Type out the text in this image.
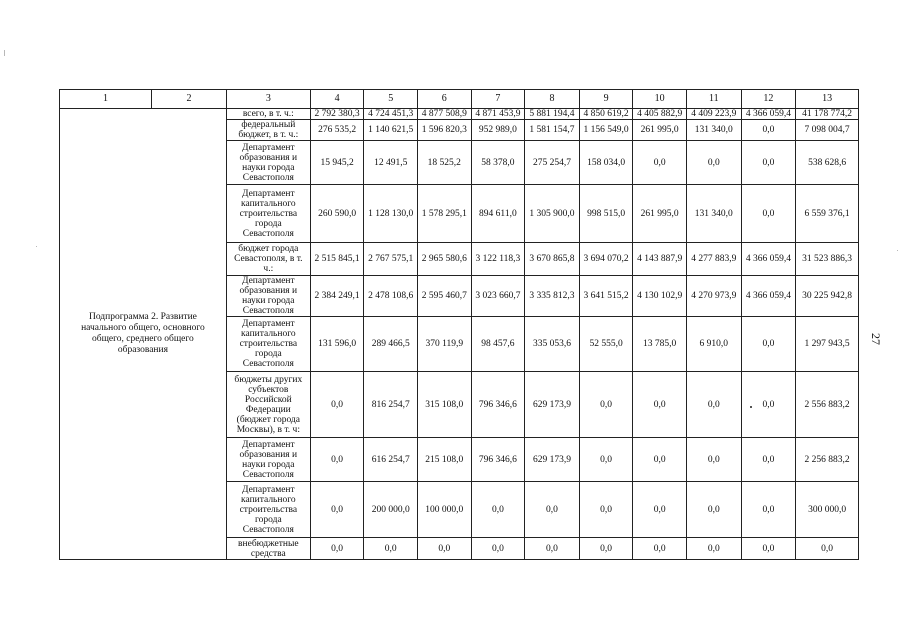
27
1	2	3	4	5	6	7	8	9	10	11	12	13
Подпрограмма 2. Развитие начального общего, основного общего, среднего общего образования		всего, в т. ч.:	2 792 380,3	4 724 451,3	4 877 508,9	4 871 453,9	5 881 194,4	4 850 619,2	4 405 882,9	4 409 223,9	4 366 059,4	41 178 774,2
		федеральный бюджет, в т. ч.:	276 535,2	1 140 621,5	1 596 820,3	952 989,0	1 581 154,7	1 156 549,0	261 995,0	131 340,0	0,0	7 098 004,7
		Департамент образования и науки города Севастополя	15 945,2	12 491,5	18 525,2	58 378,0	275 254,7	158 034,0	0,0	0,0	0,0	538 628,6
		Департамент капитального строительства города Севастополя	260 590,0	1 128 130,0	1 578 295,1	894 611,0	1 305 900,0	998 515,0	261 995,0	131 340,0	0,0	6 559 376,1
		бюджет города Севастополя, в т. ч.:	2 515 845,1	2 767 575,1	2 965 580,6	3 122 118,3	3 670 865,8	3 694 070,2	4 143 887,9	4 277 883,9	4 366 059,4	31 523 886,3
		Департамент образования и науки города Севастополя	2 384 249,1	2 478 108,6	2 595 460,7	3 023 660,7	3 335 812,3	3 641 515,2	4 130 102,9	4 270 973,9	4 366 059,4	30 225 942,8
		Департамент капитального строительства города Севастополя	131 596,0	289 466,5	370 119,9	98 457,6	335 053,6	52 555,0	13 785,0	6 910,0	0,0	1 297 943,5
		бюджеты других субъектов Российской Федерации (бюджет города Москвы), в т. ч:	0,0	816 254,7	315 108,0	796 346,6	629 173,9	0,0	0,0	0,0	0,0	2 556 883,2
		Департамент образования и науки города Севастополя	0,0	616 254,7	215 108,0	796 346,6	629 173,9	0,0	0,0	0,0	0,0	2 256 883,2
		Департамент капитального строительства города Севастополя	0,0	200 000,0	100 000,0	0,0	0,0	0,0	0,0	0,0	0,0	300 000,0
		внебюджетные средства	0,0	0,0	0,0	0,0	0,0	0,0	0,0	0,0	0,0	0,0
